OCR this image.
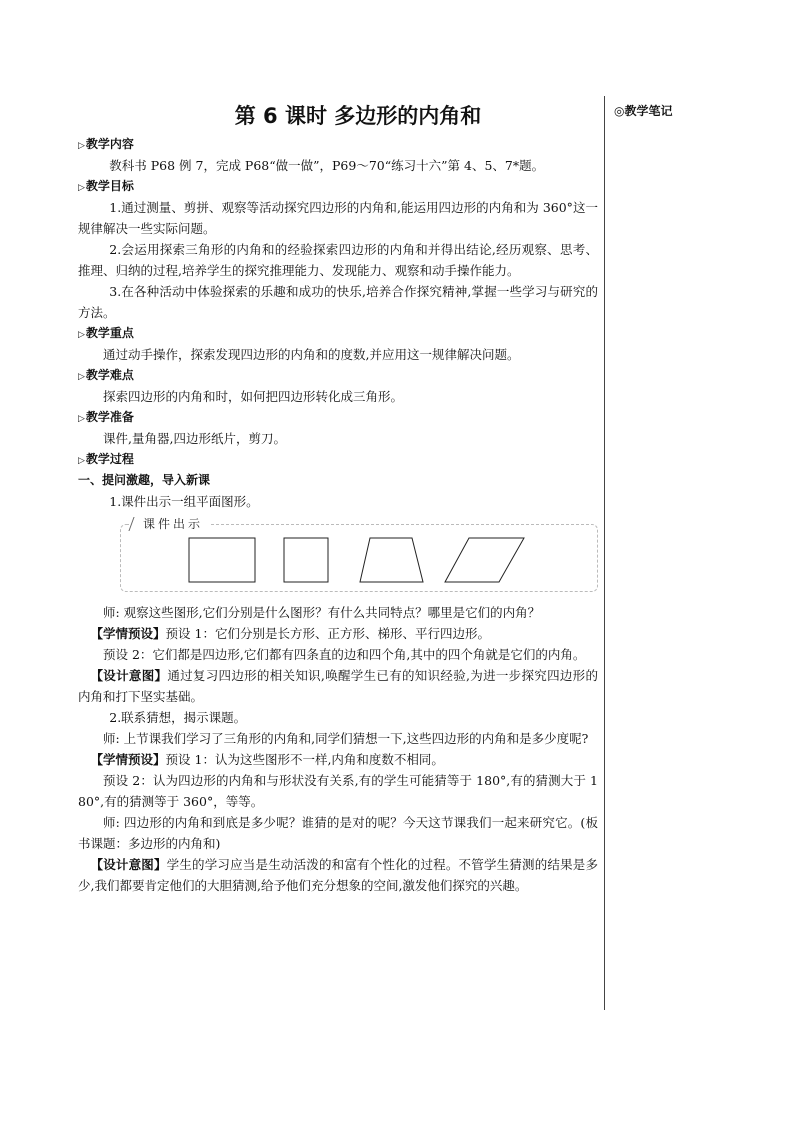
◎教学笔记
第 6 课时 多边形的内角和
▷教学内容
教科书 P68 例 7，完成 P68“做一做”，P69～70“练习十六”第 4、5、7*题。
▷教学目标
1.通过测量、剪拼、观察等活动探究四边形的内角和,能运用四边形的内角和为 360°这一规律解决一些实际问题。
2.会运用探索三角形的内角和的经验探索四边形的内角和并得出结论,经历观察、思考、推理、归纳的过程,培养学生的探究推理能力、发现能力、观察和动手操作能力。
3.在各种活动中体验探索的乐趣和成功的快乐,培养合作探究精神,掌握一些学习与研究的方法。
▷教学重点
通过动手操作，探索发现四边形的内角和的度数,并应用这一规律解决问题。
▷教学难点
探索四边形的内角和时，如何把四边形转化成三角形。
▷教学准备
课件,量角器,四边形纸片，剪刀。
▷教学过程
一、提问激趣，导入新课
1.课件出示一组平面图形。
课件出示
师: 观察这些图形,它们分别是什么图形？有什么共同特点？哪里是它们的内角？
【学情预设】预设 1：它们分别是长方形、正方形、梯形、平行四边形。
预设 2：它们都是四边形,它们都有四条直的边和四个角,其中的四个角就是它们的内角。
【设计意图】通过复习四边形的相关知识,唤醒学生已有的知识经验,为进一步探究四边形的内角和打下坚实基础。
2.联系猜想，揭示课题。
师: 上节课我们学习了三角形的内角和,同学们猜想一下,这些四边形的内角和是多少度呢?
【学情预设】预设 1：认为这些图形不一样,内角和度数不相同。
预设 2：认为四边形的内角和与形状没有关系,有的学生可能猜等于 180°,有的猜测大于 180°,有的猜测等于 360°，等等。
师: 四边形的内角和到底是多少呢？谁猜的是对的呢？今天这节课我们一起来研究它。(板书课题：多边形的内角和)
【设计意图】学生的学习应当是生动活泼的和富有个性化的过程。不管学生猜测的结果是多少,我们都要肯定他们的大胆猜测,给予他们充分想象的空间,激发他们探究的兴趣。
